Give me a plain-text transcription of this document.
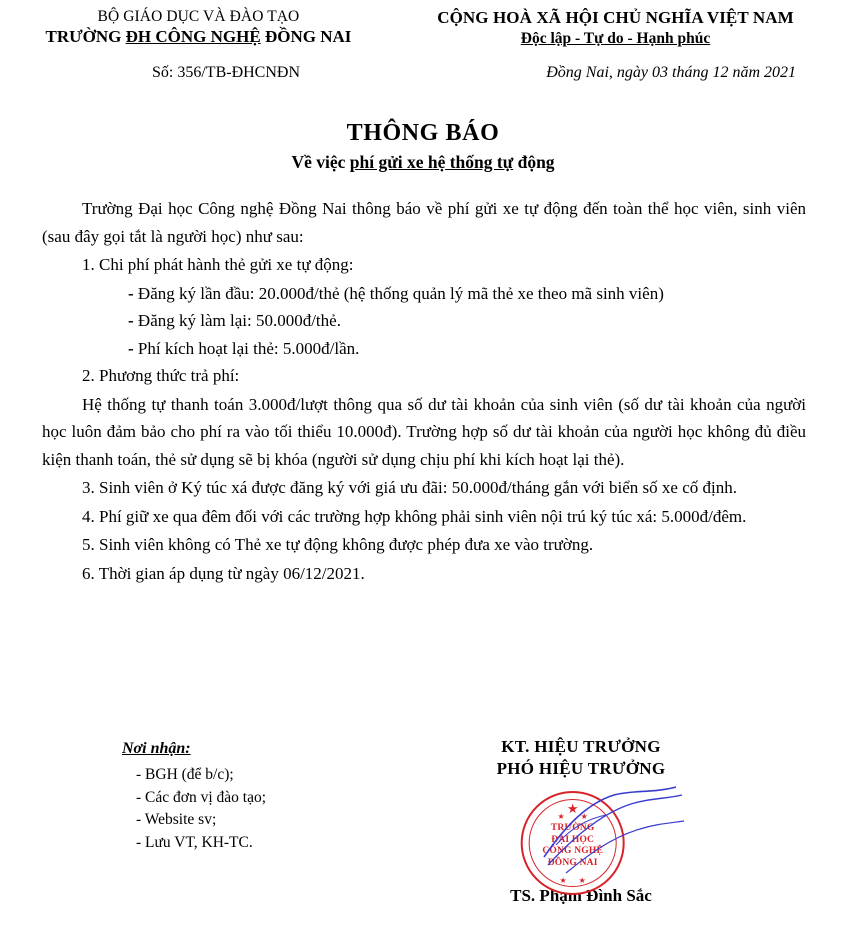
BỘ GIÁO DỤC VÀ ĐÀO TẠO
TRƯỜNG ĐH CÔNG NGHỆ ĐỒNG NAI
CỘNG HOÀ XÃ HỘI CHỦ NGHĨA VIỆT NAM
Độc lập - Tự do - Hạnh phúc
Số: 356/TB-ĐHCNĐN	Đồng Nai, ngày 03 tháng 12 năm 2021
THÔNG BÁO
Về việc phí gửi xe hệ thống tự động

Trường Đại học Công nghệ Đồng Nai thông báo về phí gửi xe tự động đến toàn thể học viên, sinh viên (sau đây gọi tắt là người học) như sau:

1. Chi phí phát hành thẻ gửi xe tự động:

- Đăng ký lần đầu: 20.000đ/thẻ (hệ thống quản lý mã thẻ xe theo mã sinh viên)

- Đăng ký làm lại: 50.000đ/thẻ.

- Phí kích hoạt lại thẻ: 5.000đ/lần.

2. Phương thức trả phí:

Hệ thống tự thanh toán 3.000đ/lượt thông qua số dư tài khoản của sinh viên (số dư tài khoản của người học luôn đảm bảo cho phí ra vào tối thiểu 10.000đ). Trường hợp số dư tài khoản của người học không đủ điều kiện thanh toán, thẻ sử dụng sẽ bị khóa (người sử dụng chịu phí khi kích hoạt lại thẻ).

3. Sinh viên ở Ký túc xá được đăng ký với giá ưu đãi: 50.000đ/tháng gắn với biển số xe cố định.

4. Phí giữ xe qua đêm đối với các trường hợp không phải sinh viên nội trú ký túc xá: 5.000đ/đêm.

5. Sinh viên không có Thẻ xe tự động không được phép đưa xe vào trường.

6. Thời gian áp dụng từ ngày 06/12/2021.

Nơi nhận:
- BGH (để b/c);
- Các đơn vị đào tạo;
- Website sv;
- Lưu VT, KH-TC.
KT. HIỆU TRƯỞNG
PHÓ HIỆU TRƯỞNG
★
★        ★
TRƯỜNG
ĐẠI HỌC
CÔNG NGHỆ
ĐỒNG NAI
★      ★
TS. Phạm Đình Sắc
